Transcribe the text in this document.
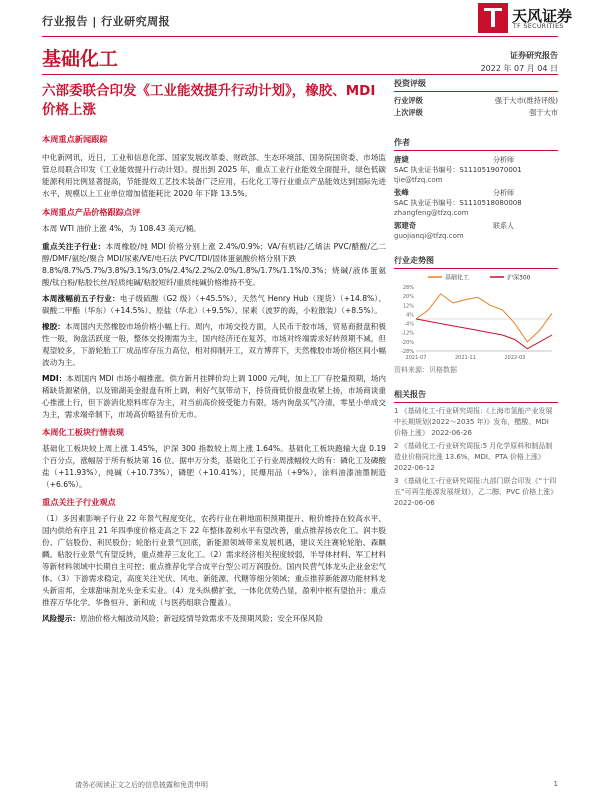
行业报告 | 行业研究周报	天风证券
TF SECURITIES
基础化工	证券研究报告
2022 年 07 月 04 日
六部委联合印发《工业能效提升行动计划》，橡胶、MDI 价格上涨
本周重点新闻跟踪
中化新网讯，近日，工业和信息化部、国家发展改革委、财政部、生态环境部、国务院国资委、市场监管总局联合印发《工业能效提升行动计划》。提出到 2025 年，重点工业行业能效全面提升，绿色低碳能源利用比例显著提高，节能提效工艺技术装备广泛应用，石化化工等行业重点产品能效达到国际先进水平，规模以上工业单位增加值能耗比 2020 年下降 13.5%。
本周重点产品价格跟踪点评
本周 WTI 油价上涨 4%，为 108.43 美元/桶。
重点关注子行业：本周橡胶/纯 MDI 价格分别上涨 2.4%/0.9%；VA/有机硅/乙烯法 PVC/醋酸/乙二醇/DMF/氨纶/聚合 MDI/尿素/VE/电石法 PVC/TDI/固体蛋氨酸价格分别下跌
8.8%/8.7%/5.7%/3.8%/3.1%/3.0%/2.4%/2.2%/2.0%/1.8%/1.7%/1.1%/0.3%；烧碱/液体蛋氨酸/钛白粉/粘胶长丝/轻质纯碱/粘胶短纤/重质纯碱价格维持不变。
本周涨幅前五子行业：电子级硫酸（G2 级）（+45.5%）、天然气 Henry Hub（现货）（+14.8%）、碳酸二甲酯（华东）（+14.5%）、原盐（华北）（+9.5%）、尿素（波罗的海，小粒散装）（+8.5%）。
橡胶：本周国内天然橡胶市场价格小幅上行。周内，市场交投方面，人民币干胶市场，贸易商报盘积极性一般，询盘活跃度一般，整体交投刚需为主，国内经济还在复苏，市场对终端需求好转预期不减，但观望较多，下游轮胎工厂成品库存压力高位，相对抑制开工，双方博弈下，天然橡胶市场价格区间小幅波动为主。
MDI：本周国内 MDI 市场小幅推涨。供方新月挂牌价均上调 1000 元/吨，加上工厂存控量预期，场内稀缺货源紧俏，以及锦湖美金报盘有所上调，利好气氛带动下，持货商低价报盘收紧上扬，市场商谈重心推涨上行，但下游消化原料库存为主，对当前高价接受能力有限，场内询盘买气冷清，零星小单成交为主，需求端牵制下，市场高价略显有价无市。
本周化工板块行情表现
基础化工板块较上周上涨 1.45%，沪深 300 指数较上周上涨 1.64%。基础化工板块跑输大盘 0.19 个百分点，涨幅居于所有板块第 16 位。据申万分类，基础化工子行业周涨幅较大的有：磷化工及磷酸盐（+11.93%），纯碱（+10.73%），磷肥（+10.41%），民爆用品（+9%），涂料油漆油墨制造（+6.6%）。
重点关注子行业观点
（1）多因素影响子行业 22 年景气程度变化，农药行业在耕地面积预期提升、粮价维持在较高水平、国内供给有序且 21 年四季度价格走高之下 22 年整体盈利水平有望改善，重点推荐扬农化工、润丰股份、广信股份、利民股份；轮胎行业景气回底，新能源领域带来发展机遇，建议关注赛轮轮胎、森麒麟。粘胶行业景气有望反转，重点推荐三友化工。（2）需求经济相关程度较弱，半导体材料、军工材料等新材料领域中长期自主可控；重点推荐化学合成平台型公司万润股份。国内民营气体龙头企业金宏气体。（3）下游需求稳定，高度关注光伏、风电、新能源、代糖等细分领域；重点推荐新能源功能材料龙头新宙邦，全球甜味剂龙头金禾实业。（4）龙头纵横扩张，一体化优势凸显，盈利中枢有望抬升；重点推荐万华化学、华鲁恒升、新和成（与医药组联合覆盖）。
风险提示：原油价格大幅波动风险；新冠疫情导致需求不及预期风险；安全环保风险
投资评级
行业评级	强于大市(维持评级)
上次评级	强于大市
作者
唐婕	分析师
SAC 执业证书编号：S1110519070001
tjie@tfzq.com
张峰	分析师
SAC 执业证书编号：S1110518080008
zhangfeng@tfzq.com
郭建奇	联系人
guojianqi@tfzq.com
行业走势图
基础化工	沪深300
28%
20%
12%
4%
-4%
-12%
-20%
-28%
2021-07	2021-11	2022-03
资料来源：贝格数据
相关报告
1 《基础化工-行业研究周报:《上海市氢能产业发展中长期规划(2022～2035 年)》发布，醋酸、MDI 价格上涨》 2022-06-26
2 《基础化工-行业研究周报:5 月化学原料和制品制造业价格同比涨 13.6%，MDI、PTA 价格上涨》 2022-06-12
3 《基础化工-行业研究周报:九部门联合印发《“十四五”可再生能源发展规划》，乙二醇、PVC 价格上涨》 2022-06-06
请务必阅读正文之后的信息披露和免责申明	1
